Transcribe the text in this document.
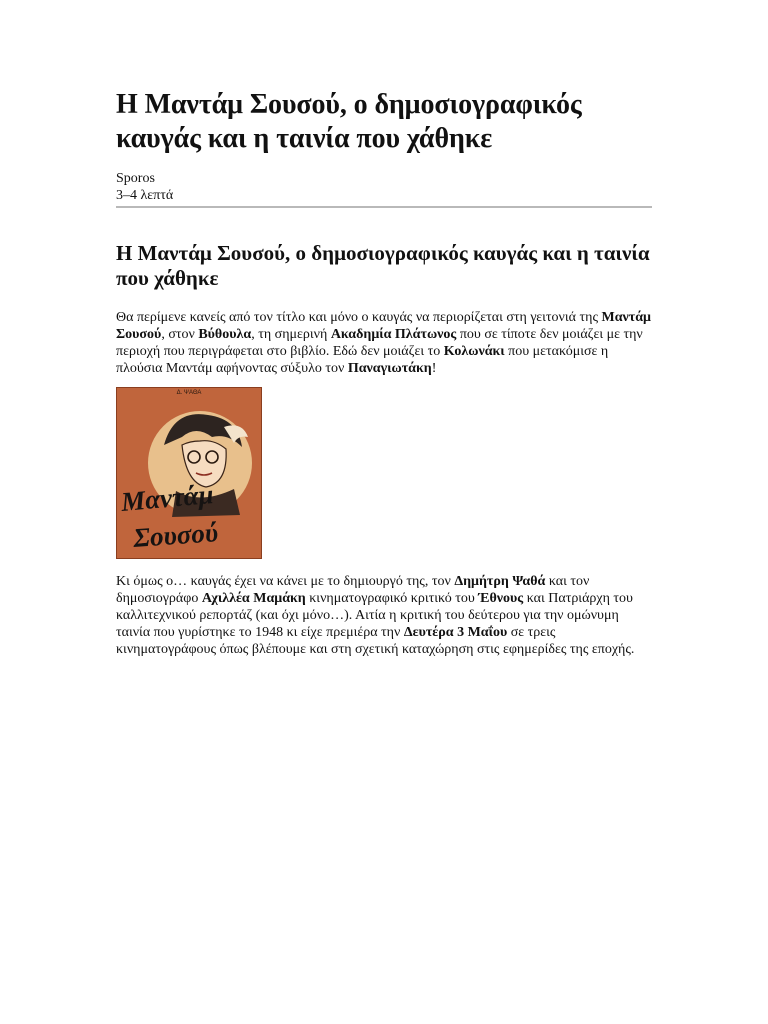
Η Μαντάμ Σουσού, ο δημοσιογραφικός καυγάς και η ταινία που χάθηκε
Sporos
3–4 λεπτά
Η Μαντάμ Σουσού, ο δημοσιογραφικός καυγάς και η ταινία που χάθηκε

Θα περίμενε κανείς από τον τίτλο και μόνο ο καυγάς να περιορίζεται στη γειτονιά της Μαντάμ Σουσού, στον Βύθουλα, τη σημερινή Ακαδημία Πλάτωνος που σε τίποτε δεν μοιάζει με την περιοχή που περιγράφεται στο βιβλίο. Εδώ δεν μοιάζει το Κολωνάκι που μετακόμισε η πλούσια Μαντάμ αφήνοντας σύξυλο τον Παναγιωτάκη!

Δ. ΨΑΘΑ
Μαντάμ
Σουσού

Κι όμως ο… καυγάς έχει να κάνει με το δημιουργό της, τον Δημήτρη Ψαθά και τον δημοσιογράφο Αχιλλέα Μαμάκη κινηματογραφικό κριτικό του Έθνους και Πατριάρχη του καλλιτεχνικού ρεπορτάζ (και όχι μόνο…). Αιτία η κριτική του δεύτερου για την ομώνυμη ταινία που γυρίστηκε το 1948 κι είχε πρεμιέρα την Δευτέρα 3 Μαΐου σε τρεις κινηματογράφους όπως βλέπουμε και στη σχετική καταχώρηση στις εφημερίδες της εποχής.
